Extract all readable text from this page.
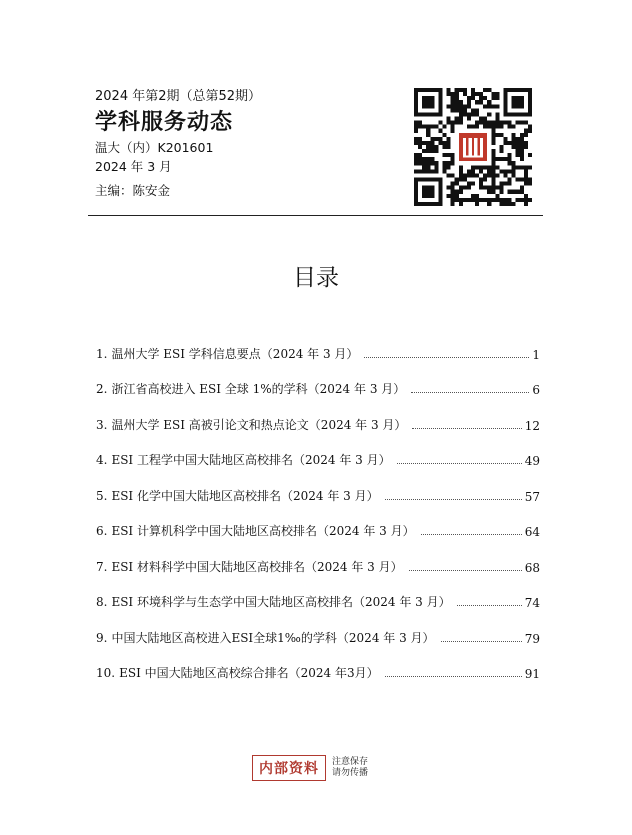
2024 年第2期（总第52期）
学科服务动态
温大（内）K201601
2024 年 3 月
主编：陈安金
目录
1. 温州大学 ESI 学科信息要点（2024 年 3 月）	1
2. 浙江省高校进入 ESI 全球 1%的学科（2024 年 3 月）	6
3. 温州大学 ESI 高被引论文和热点论文（2024 年 3 月）	12
4. ESI 工程学中国大陆地区高校排名（2024 年 3 月）	49
5. ESI 化学中国大陆地区高校排名（2024 年 3 月）	57
6. ESI 计算机科学中国大陆地区高校排名（2024 年 3 月）	64
7. ESI 材料科学中国大陆地区高校排名（2024 年 3 月）	68
8. ESI 环境科学与生态学中国大陆地区高校排名（2024 年 3 月）	74
9. 中国大陆地区高校进入ESI全球1‰的学科（2024 年 3 月）	79
10. ESI 中国大陆地区高校综合排名（2024 年3月）	91
内部资料	注意保存
请勿传播
